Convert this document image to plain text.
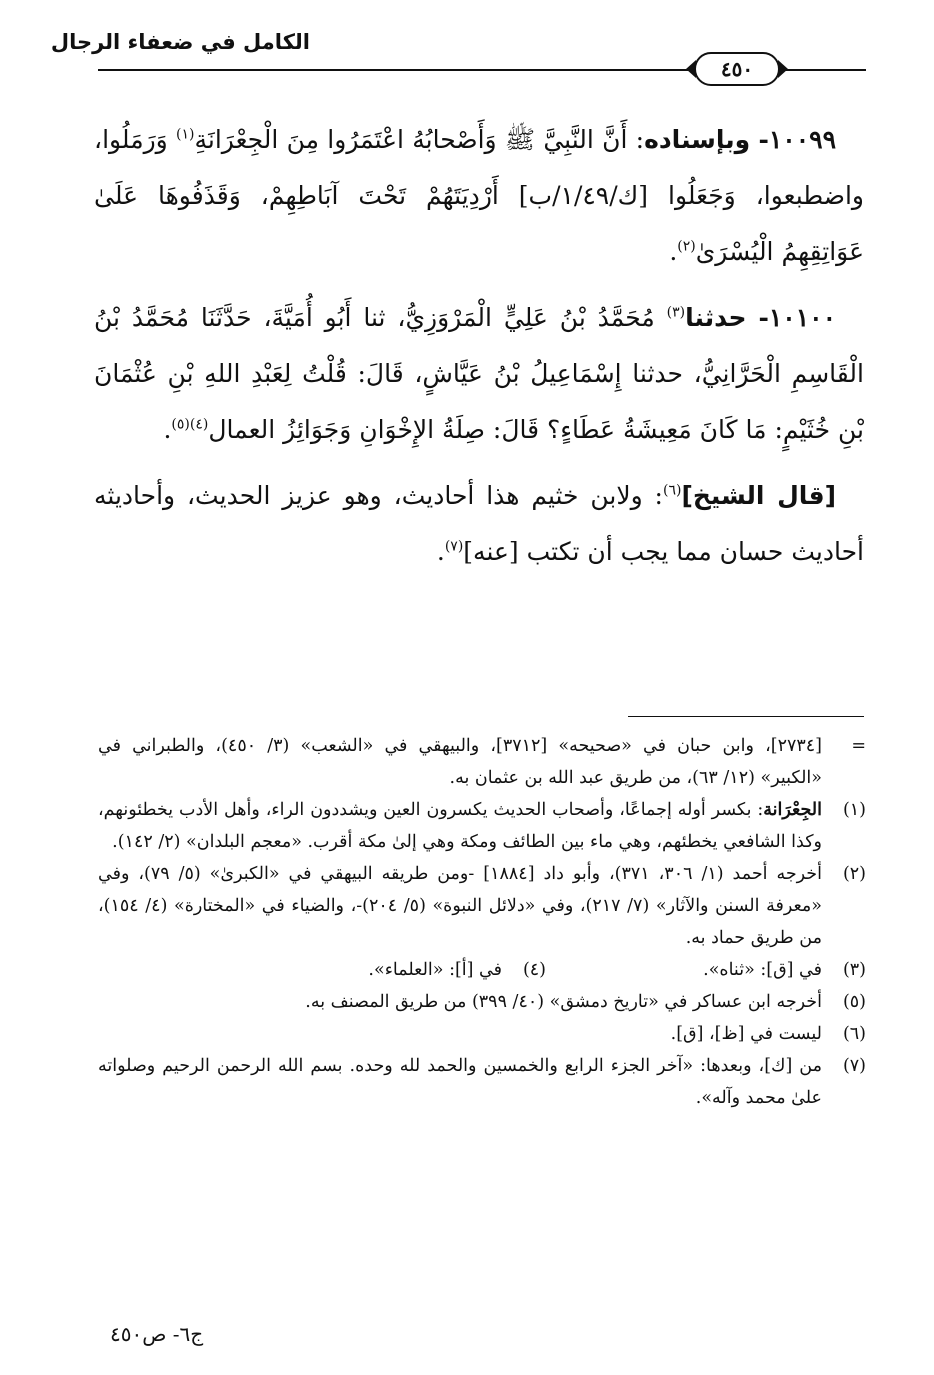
الكامل في ضعفاء الرجال
٤٥٠

١٠٠٩٩- وبإسناده: أَنَّ النَّبِيَّ ﷺ وَأَصْحابُهُ اعْتَمَرُوا مِنَ الْجِعْرَانَةِ$^{(١)}$ وَرَمَلُوا، واضطبعوا، وَجَعَلُوا [ك/١/٤٩/ب] أَرْدِيَتَهُمْ تَحْتَ آبَاطِهِمْ، وَقَذَفُوهَا عَلَىٰ عَوَاتِقِهِمُ الْيُسْرَىٰ$^{(٢)}$.

١٠١٠٠- حدثنا$^{(٣)}$ مُحَمَّدُ بْنُ عَلِيٍّ الْمَرْوَزِيُّ، ثنا أَبُو أُمَيَّةَ، حَدَّثَنَا مُحَمَّدُ بْنُ الْقَاسِمِ الْحَرَّانِيُّ، حدثنا إِسْمَاعِيلُ بْنُ عَيَّاشٍ، قَالَ: قُلْتُ لِعَبْدِ اللهِ بْنِ عُثْمَانَ بْنِ خُثَيْمٍ: مَا كَانَ مَعِيشَةُ عَطَاءٍ؟ قَالَ: صِلَةُ الإِخْوَانِ وَجَوَائِزُ العمال$^{(٤)(٥)}$.

[قال الشيخ]$^{(٦)}$: ولابن خثيم هذا أحاديث، وهو عزيز الحديث، وأحاديثه أحاديث حسان مما يجب أن تكتب [عنه]$^{(٧)}$.

=
[٢٧٣٤]، وابن حبان في «صحيحه» [٣٧١٢]، والبيهقي في «الشعب» (٣/ ٤٥٠)، والطبراني في «الكبير» (١٢/ ٦٣)، من طريق عبد الله بن عثمان به.
(١)
الجِعْرَانة: بكسر أوله إجماعًا، وأصحاب الحديث يكسرون العين ويشددون الراء، وأهل الأدب يخطئونهم، وكذا الشافعي يخطئهم، وهي ماء بين الطائف ومكة وهي إلىٰ مكة أقرب. «معجم البلدان» (٢/ ١٤٢).
(٢)
أخرجه أحمد (١/ ٣٠٦، ٣٧١)، وأبو داد [١٨٨٤] -ومن طريقه البيهقي في «الكبرىٰ» (٥/ ٧٩)، وفي «معرفة السنن والآثار» (٧/ ٢١٧)، وفي «دلائل النبوة» (٥/ ٢٠٤)-، والضياء في «المختارة» (٤/ ١٥٤)، من طريق حماد به.
(٣)
في [ق]: «ثناه».
(٤)
في [أ]: «العلماء».
(٥)
أخرجه ابن عساكر في «تاريخ دمشق» (٤٠/ ٣٩٩) من طريق المصنف به.
(٦)
ليست في [ظ]، [ق].
(٧)
من [ك]، وبعدها: «آخر الجزء الرابع والخمسين والحمد لله وحده. بسم الله الرحمن الرحيم وصلواته علىٰ محمد وآله».
ج٦- ص٤٥٠
